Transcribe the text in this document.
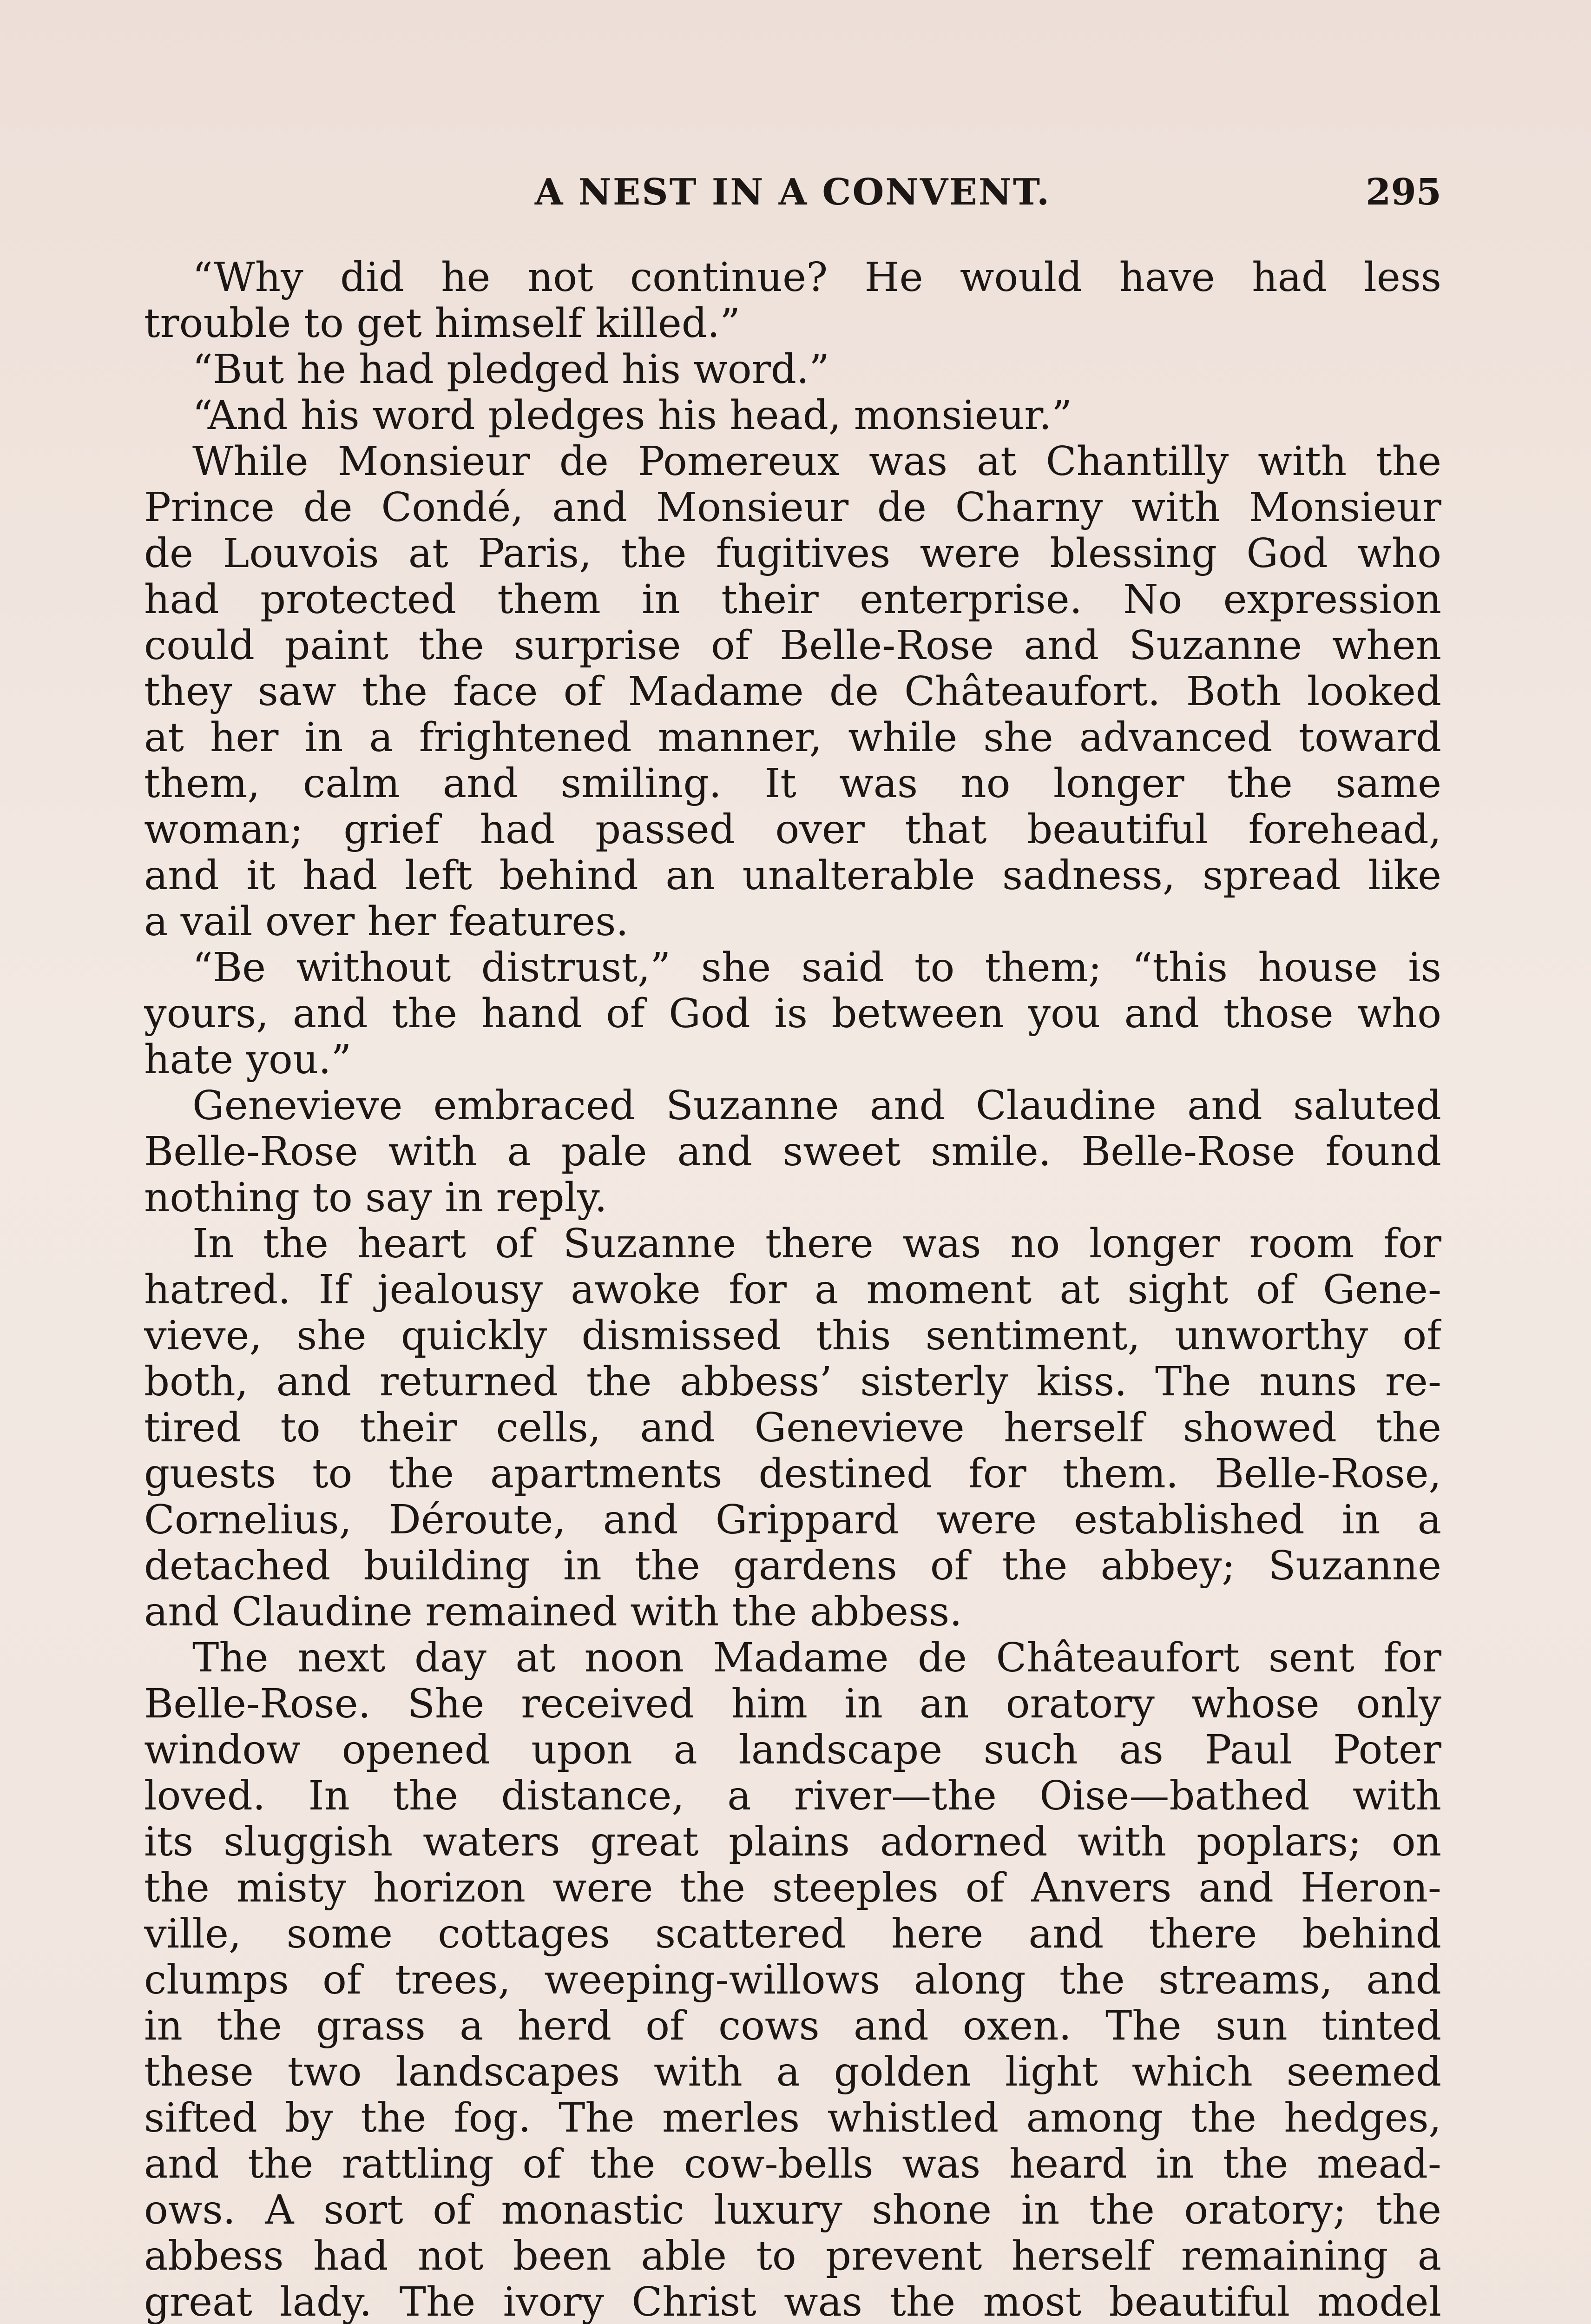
A NEST IN A CONVENT.	295
“Why did he not continue? He would have had less
trouble to get himself killed.”
“But he had pledged his word.”
“And his word pledges his head, monsieur.”
While Monsieur de Pomereux was at Chantilly with the
Prince de Condé, and Monsieur de Charny with Monsieur
de Louvois at Paris, the fugitives were blessing God who
had protected them in their enterprise. No expression
could paint the surprise of Belle-Rose and Suzanne when
they saw the face of Madame de Châteaufort. Both looked
at her in a frightened manner, while she advanced toward
them, calm and smiling. It was no longer the same
woman; grief had passed over that beautiful forehead,
and it had left behind an unalterable sadness, spread like
a vail over her features.
“Be without distrust,” she said to them; “this house is
yours, and the hand of God is between you and those who
hate you.”
Genevieve embraced Suzanne and Claudine and saluted
Belle-Rose with a pale and sweet smile. Belle-Rose found
nothing to say in reply.
In the heart of Suzanne there was no longer room for
hatred. If jealousy awoke for a moment at sight of Gene-
vieve, she quickly dismissed this sentiment, unworthy of
both, and returned the abbess’ sisterly kiss. The nuns re-
tired to their cells, and Genevieve herself showed the
guests to the apartments destined for them. Belle-Rose,
Cornelius, Déroute, and Grippard were established in a
detached building in the gardens of the abbey; Suzanne
and Claudine remained with the abbess.
The next day at noon Madame de Châteaufort sent for
Belle-Rose. She received him in an oratory whose only
window opened upon a landscape such as Paul Poter
loved. In the distance, a river—the Oise—bathed with
its sluggish waters great plains adorned with poplars; on
the misty horizon were the steeples of Anvers and Heron-
ville, some cottages scattered here and there behind
clumps of trees, weeping-willows along the streams, and
in the grass a herd of cows and oxen. The sun tinted
these two landscapes with a golden light which seemed
sifted by the fog. The merles whistled among the hedges,
and the rattling of the cow-bells was heard in the mead-
ows. A sort of monastic luxury shone in the oratory; the
abbess had not been able to prevent herself remaining a
great lady. The ivory Christ was the most beautiful model
